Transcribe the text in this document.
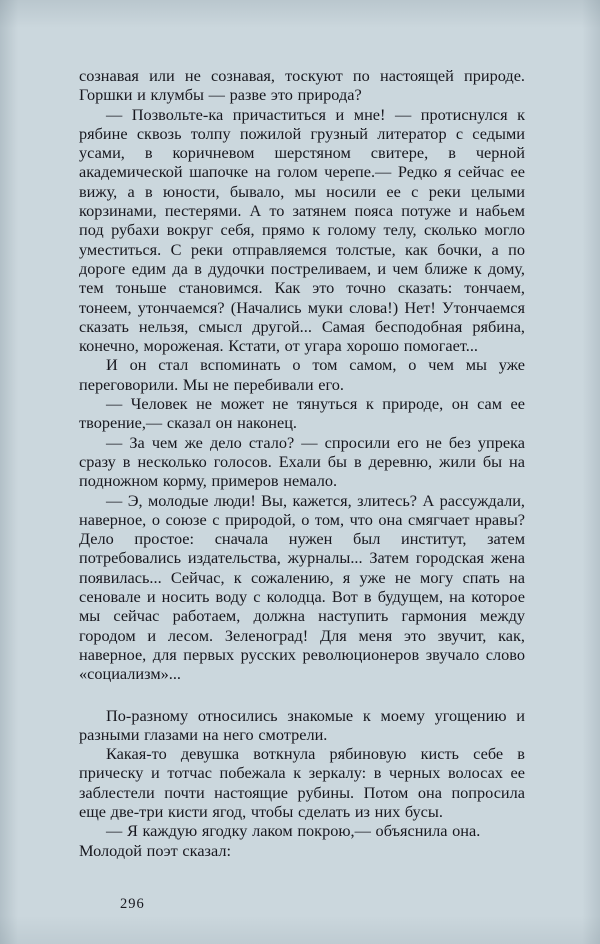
сознавая или не сознавая, тоскуют по настоящей природе. Горшки и клумбы — разве это природа?

— Позвольте-ка причаститься и мне! — протиснулся к рябине сквозь толпу пожилой грузный литератор с седыми усами, в коричневом шерстяном свитере, в черной академической шапочке на голом черепе.— Редко я сейчас ее вижу, а в юности, бывало, мы носили ее с реки целыми корзинами, пестерями. А то затянем пояса потуже и набьем под рубахи вокруг себя, прямо к голому телу, сколько могло уместиться. С реки отправляемся толстые, как бочки, а по дороге едим да в дудочки постреливаем, и чем ближе к дому, тем тоньше становимся. Как это точно сказать: тончаем, тонеем, утончаемся? (Начались муки слова!) Нет! Утончаемся сказать нельзя, смысл другой... Самая бесподобная рябина, конечно, мороженая. Кстати, от угара хорошо помогает...

И он стал вспоминать о том самом, о чем мы уже переговорили. Мы не перебивали его.

— Человек не может не тянуться к природе, он сам ее творение,— сказал он наконец.

— За чем же дело стало? — спросили его не без упрека сразу в несколько голосов. Ехали бы в деревню, жили бы на подножном корму, примеров немало.

— Э, молодые люди! Вы, кажется, злитесь? А рассуждали, наверное, о союзе с природой, о том, что она смягчает нравы? Дело простое: сначала нужен был институт, затем потребовались издательства, журналы... Затем городская жена появилась... Сейчас, к сожалению, я уже не могу спать на сеновале и носить воду с колодца. Вот в будущем, на которое мы сейчас работаем, должна наступить гармония между городом и лесом. Зеленоград! Для меня это звучит, как, наверное, для первых русских революционеров звучало слово «социализм»...

По-разному относились знакомые к моему угощению и разными глазами на него смотрели.

Какая-то девушка воткнула рябиновую кисть себе в прическу и тотчас побежала к зеркалу: в черных волосах ее заблестели почти настоящие рубины. Потом она попросила еще две-три кисти ягод, чтобы сделать из них бусы.

— Я каждую ягодку лаком покрою,— объяснила она.

Молодой поэт сказал:

296
